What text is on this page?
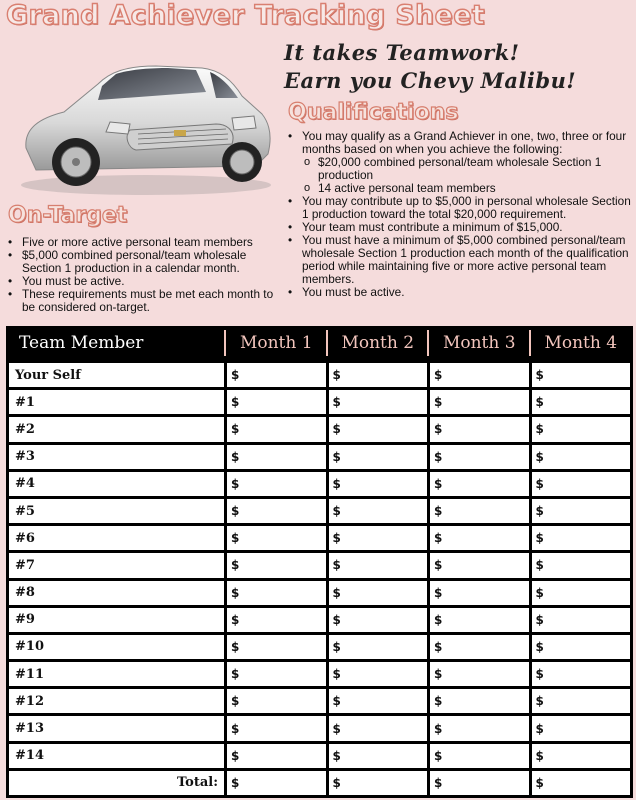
Grand Achiever Tracking Sheet
It takes Teamwork!
Earn you Chevy Malibu!
Qualifications
• You may qualify as a Grand Achiever in one, two, three or four months based on when you achieve the following:
o $20,000 combined personal/team wholesale Section 1 production
o 14 active personal team members
• You may contribute up to $5,000 in personal wholesale Section 1 production toward the total $20,000 requirement.
• Your team must contribute a minimum of $15,000.
• You must have a minimum of $5,000 combined personal/team wholesale Section 1 production each month of the qualification period while maintaining five or more active personal team members.
• You must be active.
On-Target
• Five or more active personal team members
• $5,000 combined personal/team wholesale Section 1 production in a calendar month.
• You must be active.
• These requirements must be met each month to be considered on-target.
Team Member	Month 1	Month 2	Month 3	Month 4
Your Self	$	$	$	$
#1	$	$	$	$
#2	$	$	$	$
#3	$	$	$	$
#4	$	$	$	$
#5	$	$	$	$
#6	$	$	$	$
#7	$	$	$	$
#8	$	$	$	$
#9	$	$	$	$
#10	$	$	$	$
#11	$	$	$	$
#12	$	$	$	$
#13	$	$	$	$
#14	$	$	$	$
Total:	$	$	$	$
